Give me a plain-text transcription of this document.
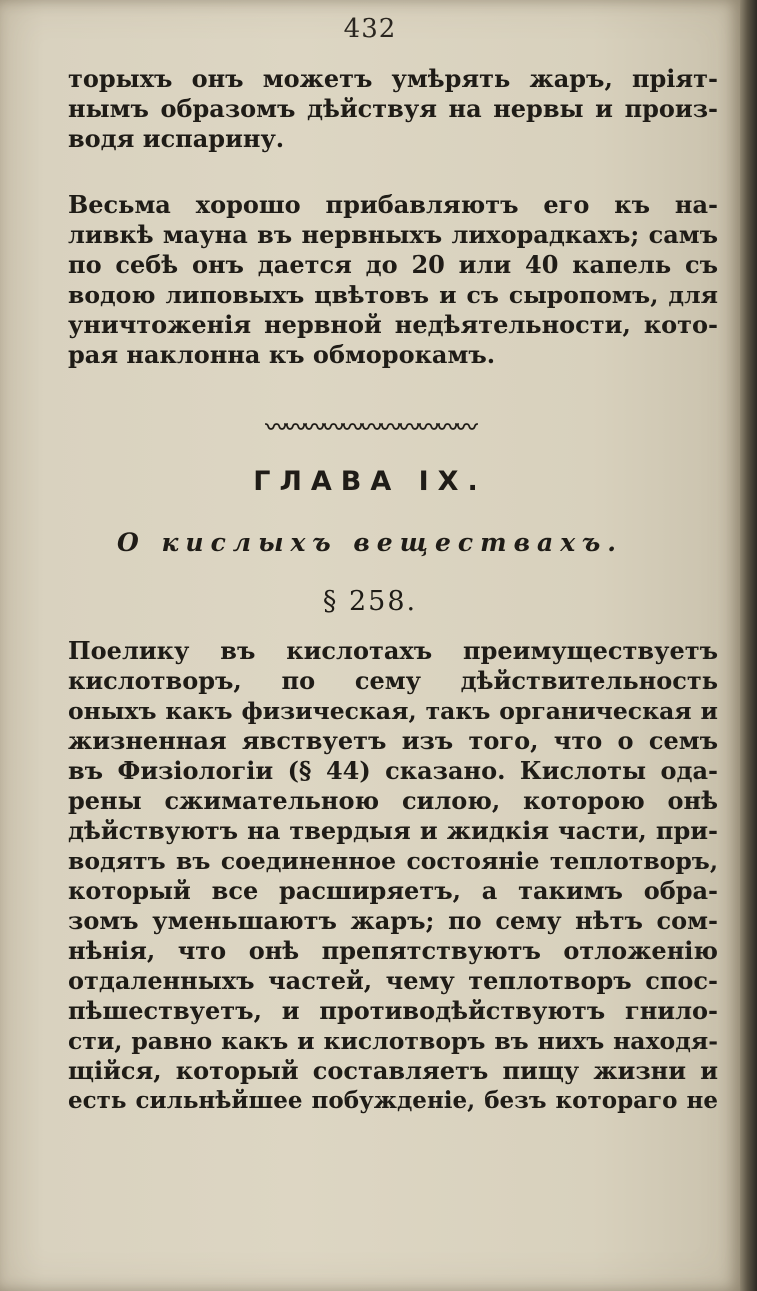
432
торыхъ онъ можетъ умѣрять жаръ, пріят-
нымъ образомъ дѣйствуя на нервы и произ-
водя испарину.
Весьма хорошо прибавляютъ его къ на-
ливкѣ мауна въ нервныхъ лихорадкахъ; самъ
по себѣ онъ дается до 20 или 40 капель съ
водою липовыхъ цвѣтовъ и съ сыропомъ, для
уничтоженія нервной недѣятельности, кото-
рая наклонна къ обморокамъ.
〰〰〰〰〰〰〰〰〰〰〰
ГЛАВА IX.
О кислыхъ веществахъ.
§ 258.
Поелику въ кислотахъ преимуществуетъ
кислотворъ, по сему дѣйствительность
оныхъ какъ физическая, такъ органическая и
жизненная явствуетъ изъ того, что о семъ
въ Физіологіи (§ 44) сказано. Кислоты ода-
рены сжимательною силою, которою онѣ
дѣйствуютъ на твердыя и жидкія части, при-
водятъ въ соединенное состояніе теплотворъ,
который все расширяетъ, а такимъ обра-
зомъ уменьшаютъ жаръ; по сему нѣтъ сом-
нѣнія, что онѣ препятствуютъ отложенію
отдаленныхъ частей, чему теплотворъ спос-
пѣшествуетъ, и противодѣйствуютъ гнило-
сти, равно какъ и кислотворъ въ нихъ находя-
щійся, который составляетъ пищу жизни и
есть сильнѣйшее побужденіе, безъ котораго не
